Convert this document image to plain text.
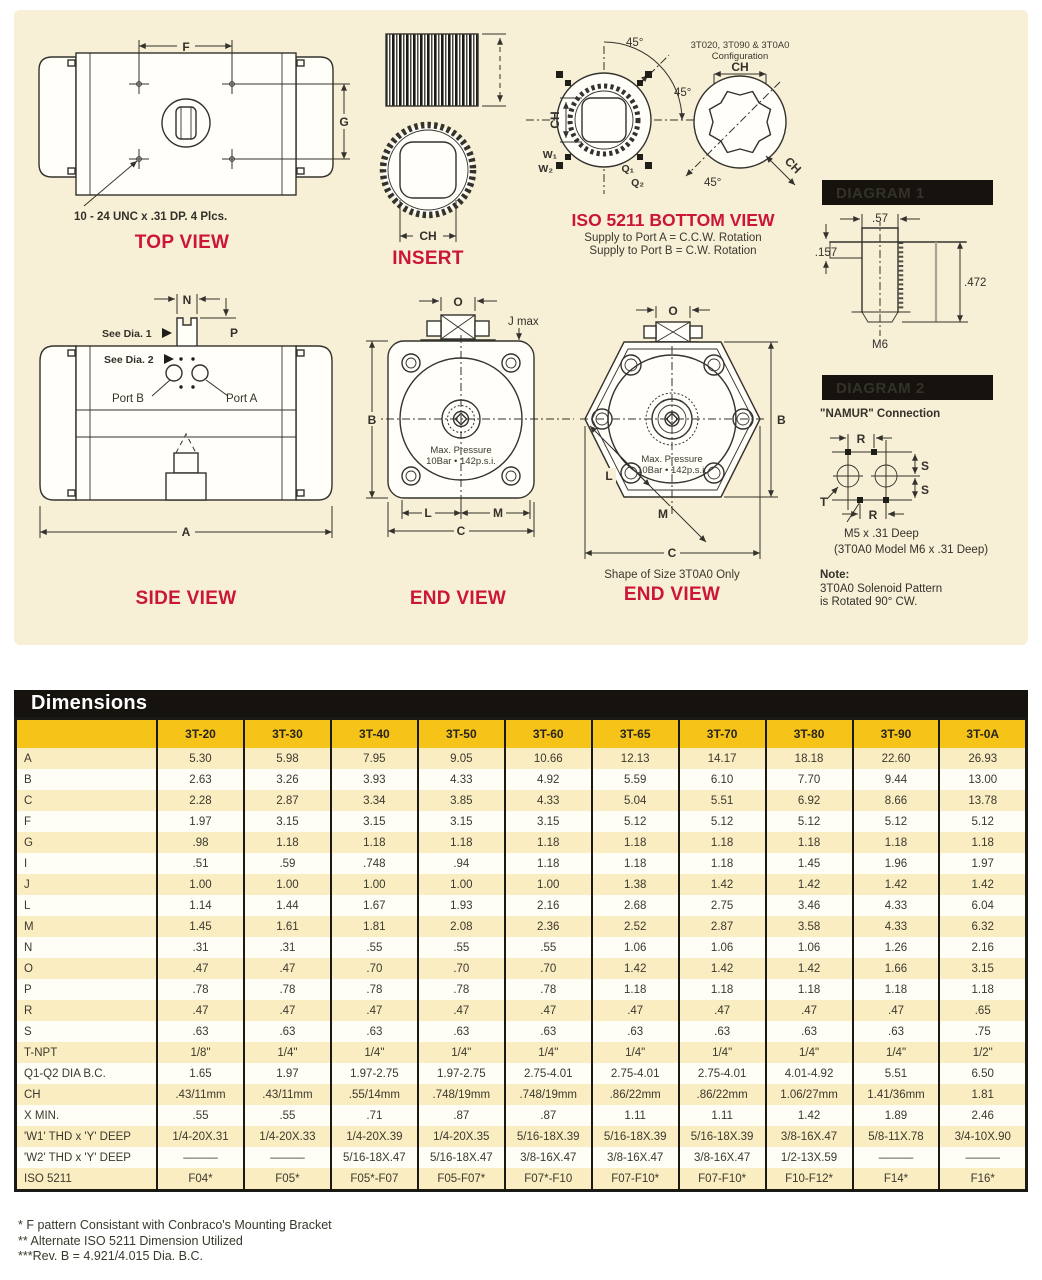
F
G
10 - 24 UNC x .31 DP. 4 Plcs.
TOP VIEW	CH
INSERT
45°
45°
CH
W₁
W₂	Q₁
Q₂
3T020, 3T090 & 3T0A0
Configuration
CH
45°
CH
ISO 5211 BOTTOM VIEW
Supply to Port A = C.C.W. Rotation
Supply to Port B = C.W. Rotation
DIAGRAM 1
.57
.157
.472
M6
N
P
See Dia. 1
See Dia. 2
Port B	Port A
A
SIDE VIEW
O
J max
Max. Pressure
10Bar • 142p.s.i.
B
L	M
C
END VIEW
O
Max. Pressure
10Bar • 142p.s.i.
B
L
M
C
Shape of Size 3T0A0 Only
END VIEW
DIAGRAM 2
"NAMUR" Connection
R
R
S
S
T
M5 x .31 Deep
(3T0A0 Model M6 x .31 Deep)
Note:
3T0A0 Solenoid Pattern
is Rotated 90° CW.
Dimensions
	3T-20	3T-30	3T-40	3T-50	3T-60	3T-65	3T-70	3T-80	3T-90	3T-0A
A	5.30	5.98	7.95	9.05	10.66	12.13	14.17	18.18	22.60	26.93
B	2.63	3.26	3.93	4.33	4.92	5.59	6.10	7.70	9.44	13.00
C	2.28	2.87	3.34	3.85	4.33	5.04	5.51	6.92	8.66	13.78
F	1.97	3.15	3.15	3.15	3.15	5.12	5.12	5.12	5.12	5.12
G	.98	1.18	1.18	1.18	1.18	1.18	1.18	1.18	1.18	1.18
I	.51	.59	.748	.94	1.18	1.18	1.18	1.45	1.96	1.97
J	1.00	1.00	1.00	1.00	1.00	1.38	1.42	1.42	1.42	1.42
L	1.14	1.44	1.67	1.93	2.16	2.68	2.75	3.46	4.33	6.04
M	1.45	1.61	1.81	2.08	2.36	2.52	2.87	3.58	4.33	6.32
N	.31	.31	.55	.55	.55	1.06	1.06	1.06	1.26	2.16
O	.47	.47	.70	.70	.70	1.42	1.42	1.42	1.66	3.15
P	.78	.78	.78	.78	.78	1.18	1.18	1.18	1.18	1.18
R	.47	.47	.47	.47	.47	.47	.47	.47	.47	.65
S	.63	.63	.63	.63	.63	.63	.63	.63	.63	.75
T-NPT	1/8"	1/4"	1/4"	1/4"	1/4"	1/4"	1/4"	1/4"	1/4"	1/2"
Q1-Q2 DIA B.C.	1.65	1.97	1.97-2.75	1.97-2.75	2.75-4.01	2.75-4.01	2.75-4.01	4.01-4.92	5.51	6.50
CH	.43/11mm	.43/11mm	.55/14mm	.748/19mm	.748/19mm	.86/22mm	.86/22mm	1.06/27mm	1.41/36mm	1.81
X MIN.	.55	.55	.71	.87	.87	1.11	1.11	1.42	1.89	2.46
'W1' THD x 'Y' DEEP	1/4-20X.31	1/4-20X.33	1/4-20X.39	1/4-20X.35	5/16-18X.39	5/16-18X.39	5/16-18X.39	3/8-16X.47	5/8-11X.78	3/4-10X.90
'W2' THD x 'Y' DEEP	———	———	5/16-18X.47	5/16-18X.47	3/8-16X.47	3/8-16X.47	3/8-16X.47	1/2-13X.59	———	———
ISO 5211	F04*	F05*	F05*-F07	F05-F07*	F07*-F10	F07-F10*	F07-F10*	F10-F12*	F14*	F16*
* F pattern Consistant with Conbraco's Mounting Bracket
** Alternate ISO 5211 Dimension Utilized
***Rev. B = 4.921/4.015 Dia. B.C.
